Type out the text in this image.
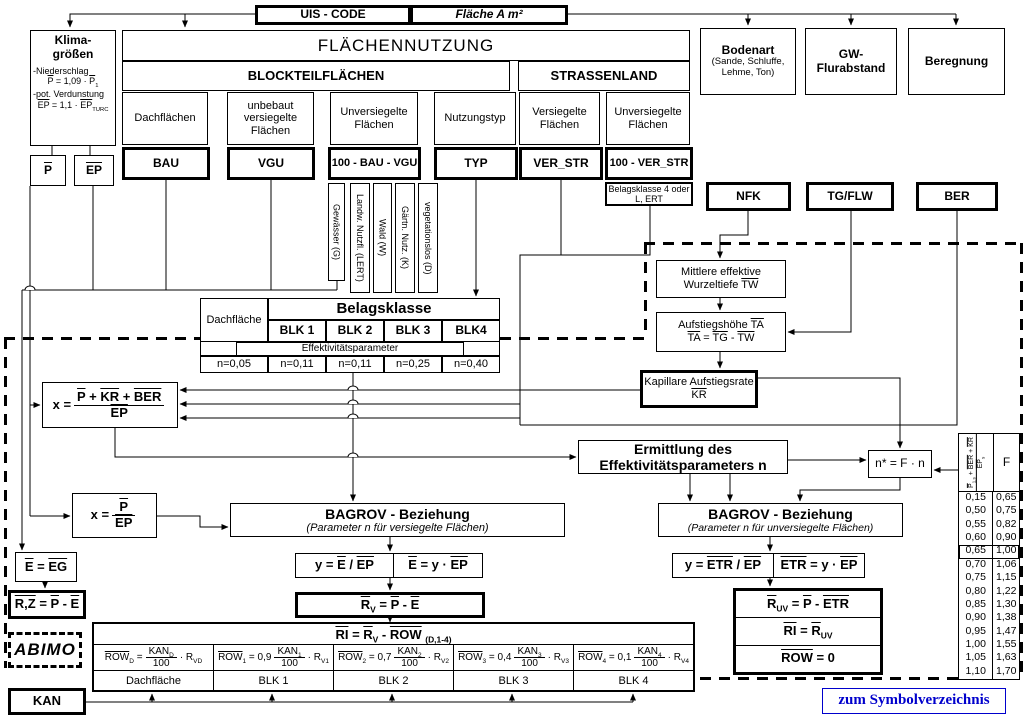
UIS - CODE	Fläche A m²
Klima-
größen
-Niederschlag
$\overline{P} = 1,09 \cdot \overline{P}_1$
-pot. Verdunstung
$\overline{EP} = 1,1 \cdot \overline{EP}_{TURC}$
$\overline{P}$	$\overline{EP}$
FLÄCHENNUTZUNG
BLOCKTEILFLÄCHEN	STRASSENLAND
Dachflächen
unbebaut versiegelte Flächen
Unversiegelte Flächen
Nutzungstyp
Versiegelte Flächen
Unversiegelte Flächen
BAU	VGU	100 - BAU - VGU	TYP	VER_STR 100 - VER_STR
Belagsklasse 4 oder L, ERT
Gewässer (G) Landw. Nutzfl. (LERT) Wald (W) Gärtn. Nutz. (K) vegetationslos (D)
Bodenart
(Sande, Schluffe, Lehme, Ton)
GW-
Flurabstand	Beregnung
NFK	TG/FLW	BER
Dachfläche
Belagsklasse
BLK 1 BLK 2 BLK 3 BLK4
Effektivitätsparameter
n=0,05	n=0,11 n=0,11 n=0,25 n=0,40
Mittlere effektive
Wurzeltiefe $\overline{TW}$
Aufstiegshöhe $\overline{TA}$
$\overline{TA} = \overline{TG} - \overline{TW}$
Kapillare Aufstiegsrate
$\overline{KR}$
$x = \frac{\overline{P} + \overline{KR} + \overline{BER}}{EP}$
$x = \frac{\overline{P}}{EP}$
Ermittlung des
Effektivitätsparameters n	n* = F · n
$\overline{P}_{1,s} + \overline{BER} + \overline{KR}$
$\overline{EP}_s$ F
0,15 0,65
0,50 0,75
0,55 0,82
0,60 0,90
0,65 1,00
0,70 1,06
0,75 1,15
0,80 1,22
0,85 1,30
0,90 1,38
0,95 1,47
1,00 1,55
1,05 1,63
1,10 1,70
BAGROV - Beziehung
(Parameter n für versiegelte Flächen)
$y = \overline{E} / \overline{EP}$	$\overline{E} = y \cdot \overline{EP}$
$\overline{R}_V = \overline{P} - \overline{E}$
BAGROV - Beziehung
(Parameter n für unversiegelte Flächen)
$y = \overline{ETR} / \overline{EP}$ $\overline{ETR} = y \cdot \overline{EP}$
$\overline{R}_{UV} = \overline{P} - \overline{ETR}$
$\overline{RI} = \overline{R}_{UV}$
$\overline{ROW} = 0$
$\overline{E} = \overline{EG}$
$R,Z = \overline{P} - \overline{E}$
ABIMO
KAN
$\overline{RI} = \overline{R}_V - \overline{ROW}$ $_{(D,1-4)}$
$\overline{ROW}_D = \frac{KAN_D}{100} \cdot R_{VD}$ $\overline{ROW}_1 = 0,9 \frac{KAN_1}{100} \cdot R_{V1}$ $\overline{ROW}_2 = 0,7 \frac{KAN_2}{100} \cdot R_{V2}$ $\overline{ROW}_3 = 0,4 \frac{KAN_3}{100} \cdot R_{V3}$ $\overline{ROW}_4 = 0,1 \frac{KAN_4}{100} \cdot R_{V4}$
Dachfläche	BLK 1	BLK 2	BLK 3	BLK 4
zum Symbolverzeichnis
